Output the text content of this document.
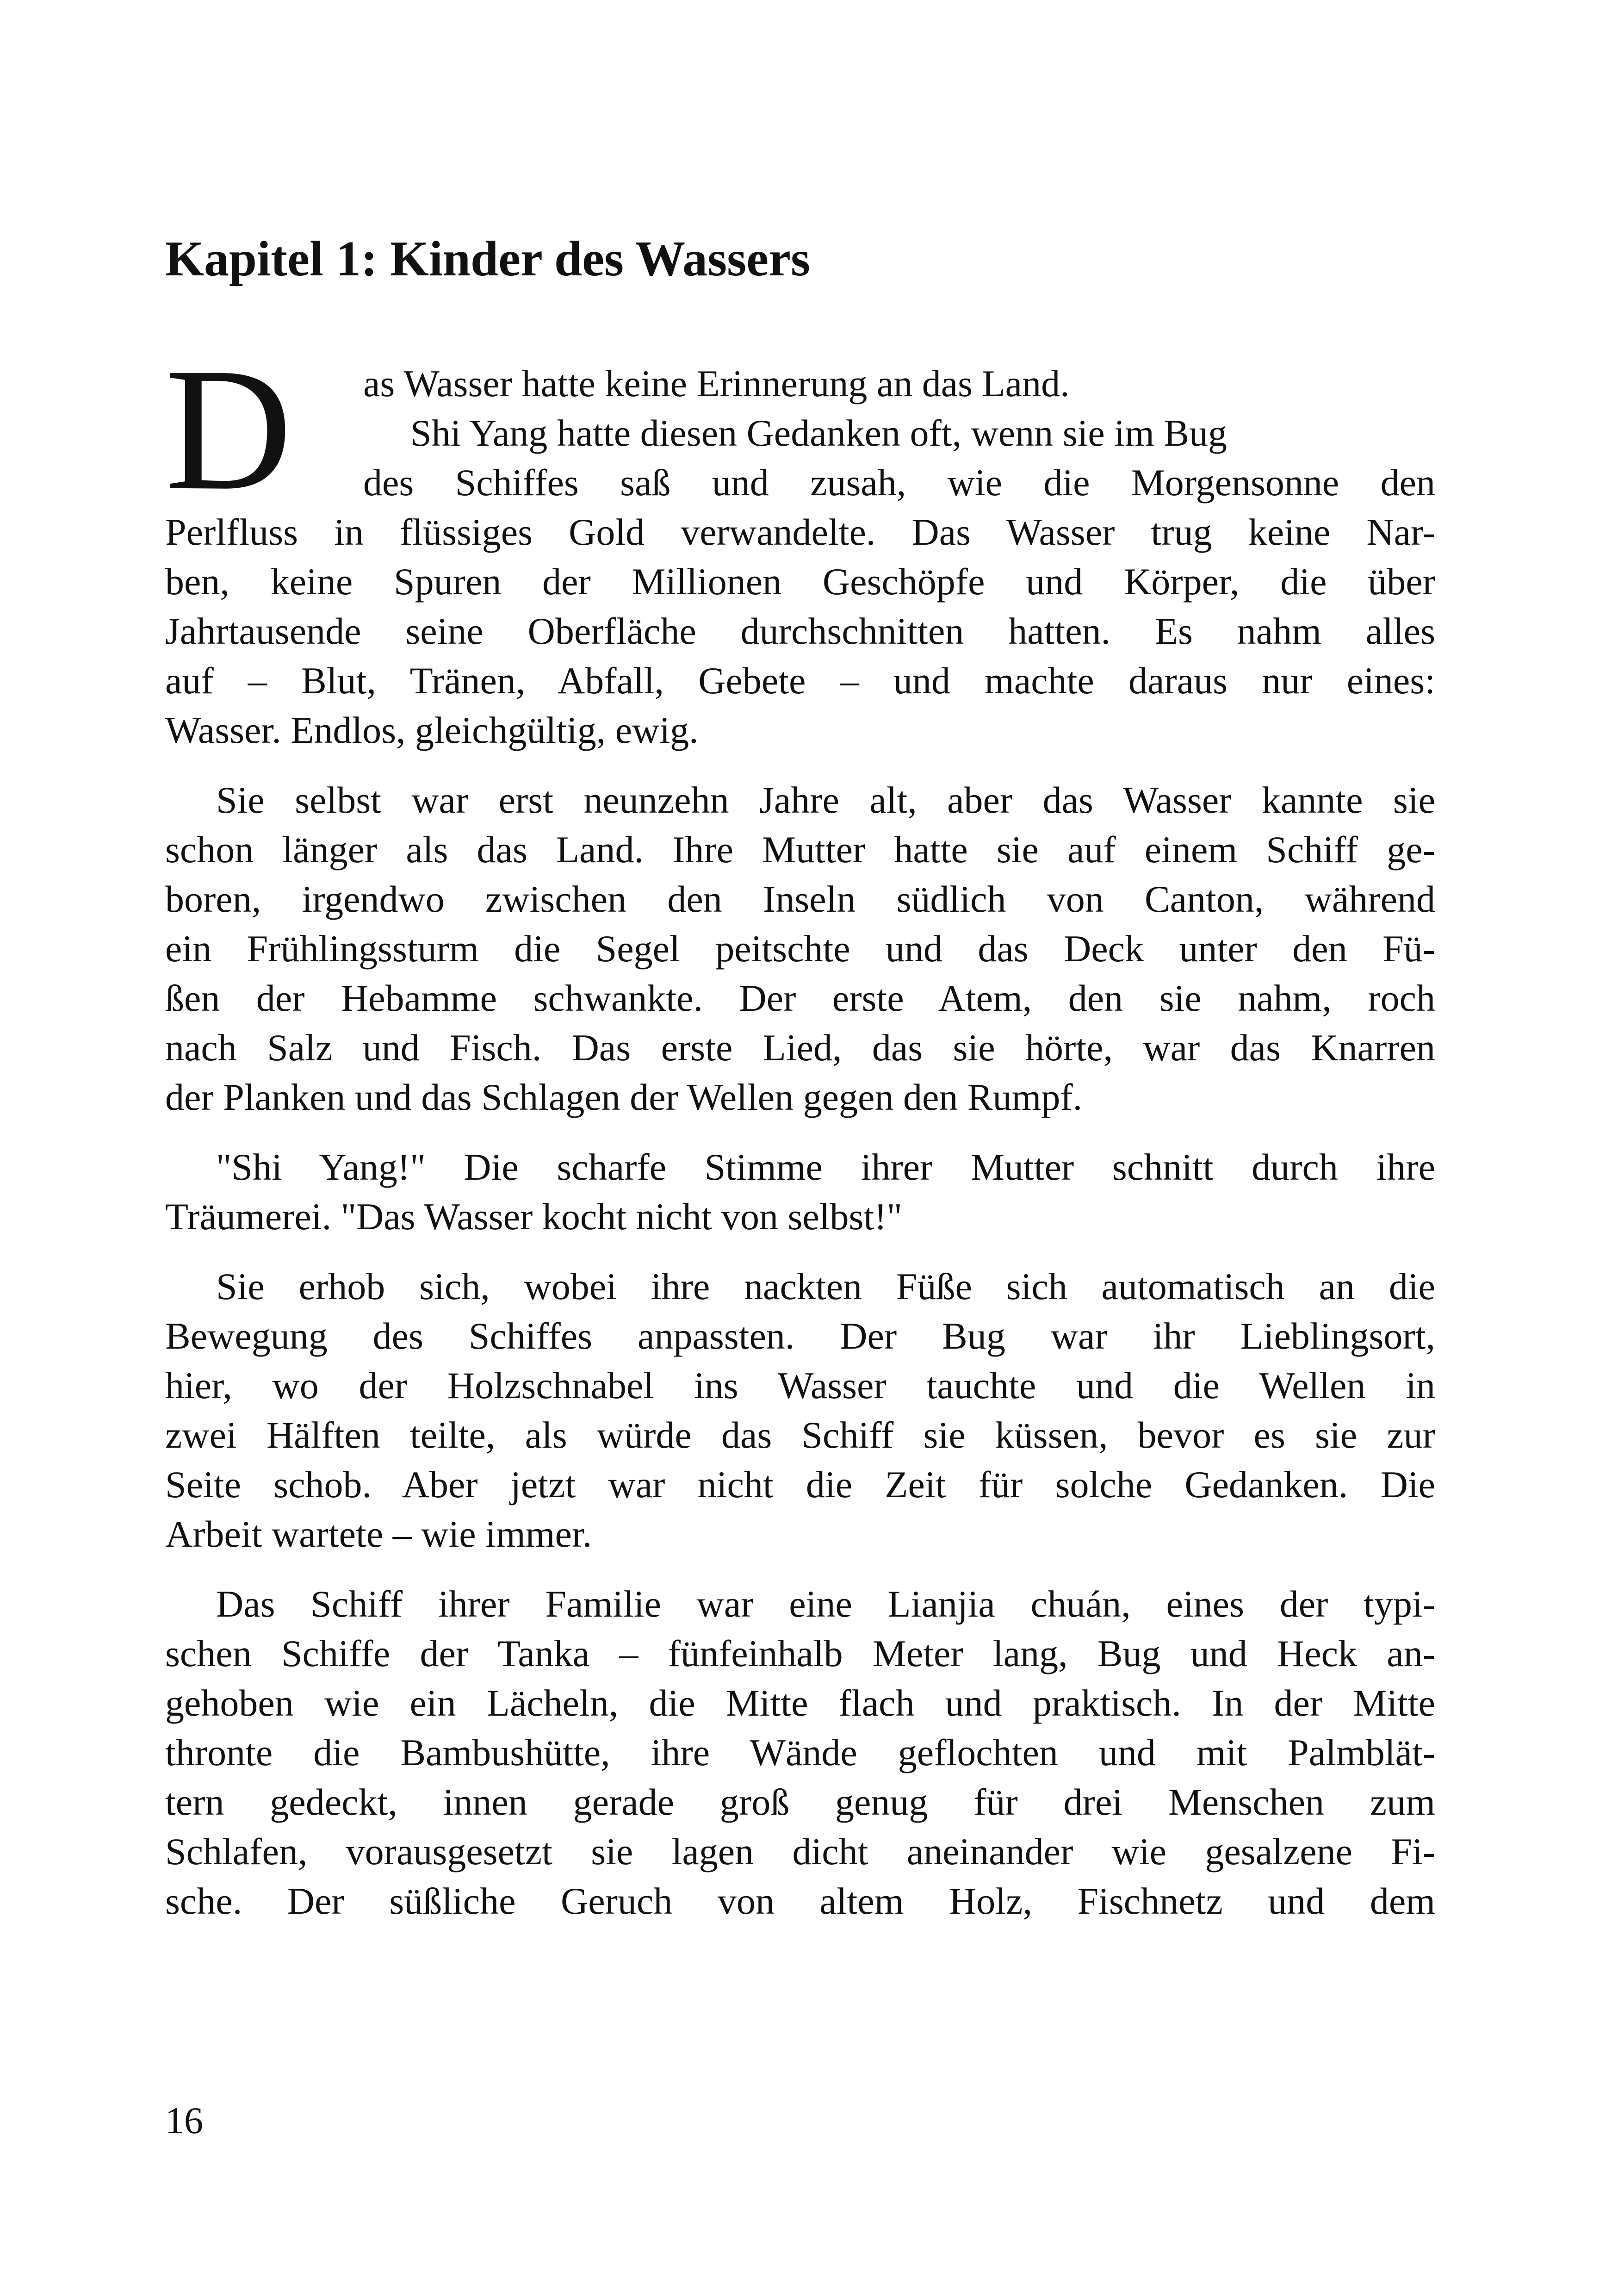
Kapitel 1: Kinder des Wassers
D	as Wasser hatte keine Erinnerung an das Land.
Shi Yang hatte diesen Gedanken oft, wenn sie im Bug
des Schiffes saß und zusah, wie die Morgensonne den
Perlfluss in flüssiges Gold verwandelte. Das Wasser trug keine Nar-
ben, keine Spuren der Millionen Geschöpfe und Körper, die über
Jahrtausende seine Oberfläche durchschnitten hatten. Es nahm alles
auf – Blut, Tränen, Abfall, Gebete – und machte daraus nur eines:
Wasser. Endlos, gleichgültig, ewig.
Sie selbst war erst neunzehn Jahre alt, aber das Wasser kannte sie
schon länger als das Land. Ihre Mutter hatte sie auf einem Schiff ge-
boren, irgendwo zwischen den Inseln südlich von Canton, während
ein Frühlingssturm die Segel peitschte und das Deck unter den Fü-
ßen der Hebamme schwankte. Der erste Atem, den sie nahm, roch
nach Salz und Fisch. Das erste Lied, das sie hörte, war das Knarren
der Planken und das Schlagen der Wellen gegen den Rumpf.
"Shi Yang!" Die scharfe Stimme ihrer Mutter schnitt durch ihre
Träumerei. "Das Wasser kocht nicht von selbst!"
Sie erhob sich, wobei ihre nackten Füße sich automatisch an die
Bewegung des Schiffes anpassten. Der Bug war ihr Lieblingsort,
hier, wo der Holzschnabel ins Wasser tauchte und die Wellen in
zwei Hälften teilte, als würde das Schiff sie küssen, bevor es sie zur
Seite schob. Aber jetzt war nicht die Zeit für solche Gedanken. Die
Arbeit wartete – wie immer.
Das Schiff ihrer Familie war eine Lianjia chuán, eines der typi-
schen Schiffe der Tanka – fünfeinhalb Meter lang, Bug und Heck an-
gehoben wie ein Lächeln, die Mitte flach und praktisch. In der Mitte
thronte die Bambushütte, ihre Wände geflochten und mit Palmblät-
tern gedeckt, innen gerade groß genug für drei Menschen zum
Schlafen, vorausgesetzt sie lagen dicht aneinander wie gesalzene Fi-
sche. Der süßliche Geruch von altem Holz, Fischnetz und dem
16
